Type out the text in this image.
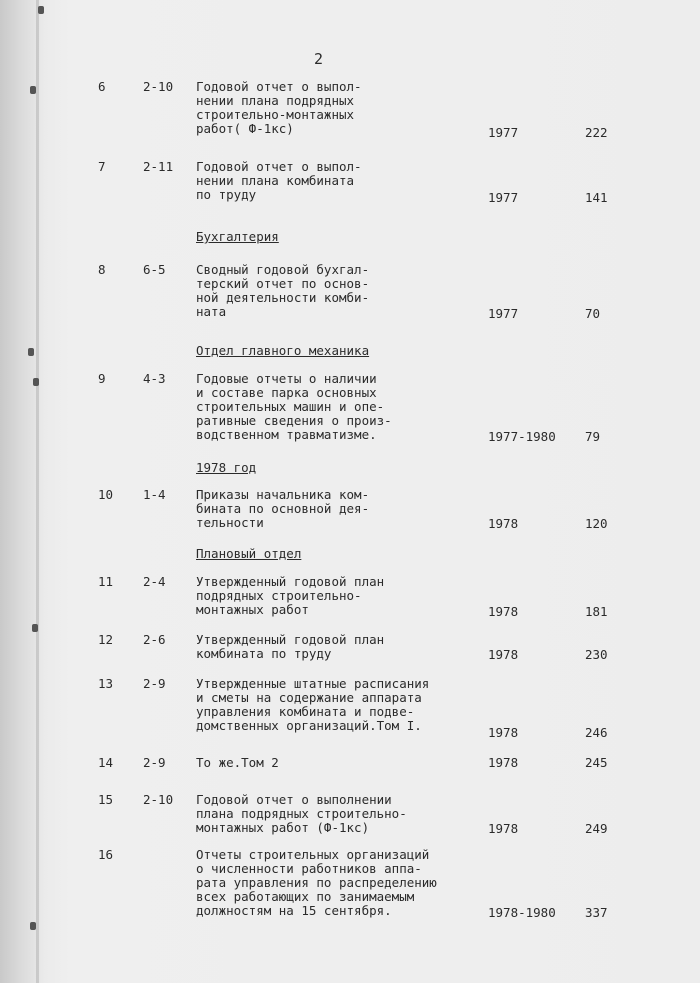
2
6	2-10 Годовой отчет о выпол-
нении плана подрядных
строительно-монтажных
работ( Ф-1кс)	1977	222
7	2-11 Годовой отчет о выпол-
нении плана комбината
по труду	1977	141
Бухгалтерия
8	6-5 Сводный годовой бухгал-
терский отчет по основ-
ной деятельности комби-
ната	1977	70
Отдел главного механика
9	4-3 Годовые отчеты о наличии
и составе парка основных
строительных машин и опе-
ративные сведения о произ-
водственном травматизме.	1977-1980 79
1978 год
10 1-4 Приказы начальника ком-
бината по основной дея-
тельности	1978	120
Плановый отдел
11 2-4 Утвержденный годовой план
подрядных строительно-
монтажных работ	1978	181
12 2-6 Утвержденный годовой план
комбината по труду	1978	230
13 2-9 Утвержденные штатные расписания
и сметы на содержание аппарата
управления комбината и подве-
домственных организаций.Том I.	1978	246
14 2-9 То же.Том 2	1978	245
15 2-10 Годовой отчет о выполнении
плана подрядных строительно-
монтажных работ (Ф-1кс)	1978	249
16	Отчеты строительных организаций
о численности работников аппа-
рата управления по распределению
всех работающих по занимаемым
должностям на 15 сентября.	1978-1980 337
